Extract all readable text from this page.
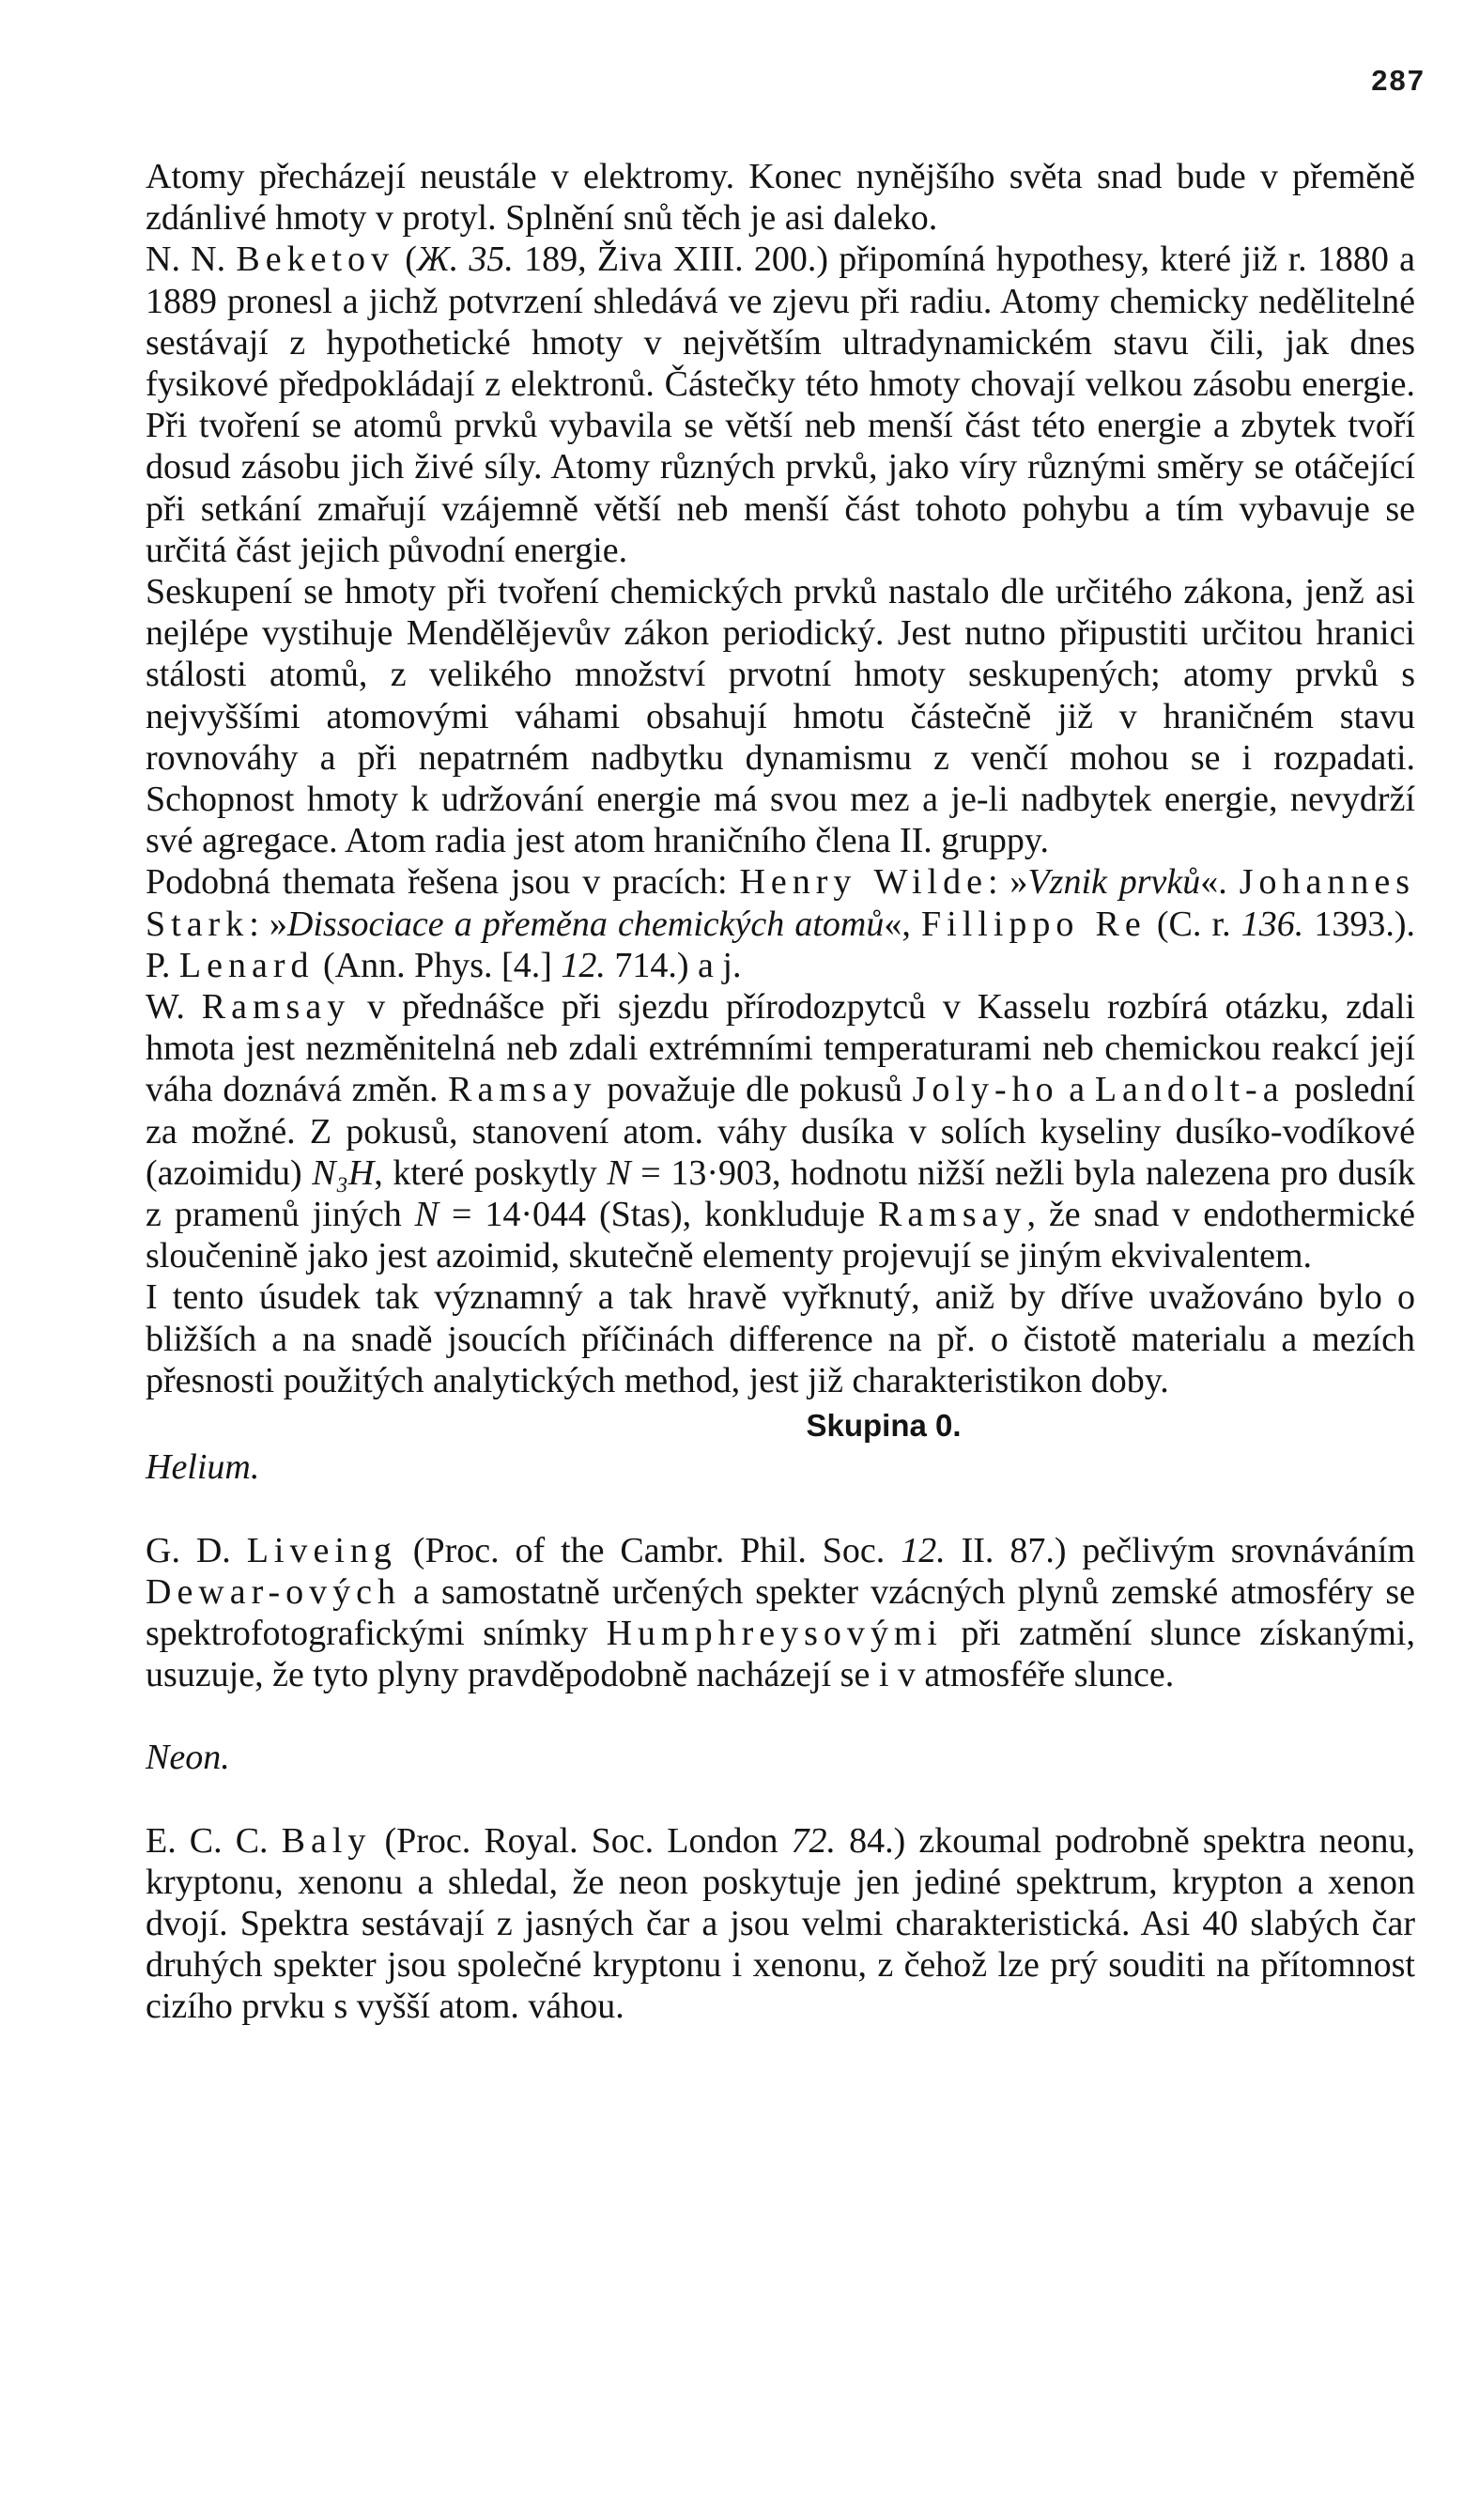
287

Atomy přecházejí neustále v elektromy. Konec nynějšího světa snad bude v přeměně zdánlivé hmoty v protyl. Splnění snů těch je asi daleko.

N. N. Beketov (Ж. 35. 189, Živa XIII. 200.) připomíná hypothesy, které již r. 1880 a 1889 pronesl a jichž potvrzení shledává ve zjevu při radiu. Atomy chemicky nedělitelné sestávají z hypothetické hmoty v největším ultradynamickém stavu čili, jak dnes fysikové předpokládají z elektronů. Částečky této hmoty chovají velkou zásobu energie. Při tvoření se atomů prvků vybavila se větší neb menší část této energie a zbytek tvoří dosud zásobu jich živé síly. Atomy různých prvků, jako víry různými směry se otáčející při setkání zmařují vzájemně větší neb menší část tohoto pohybu a tím vybavuje se určitá část jejich původní energie.

Seskupení se hmoty při tvoření chemických prvků nastalo dle určitého zákona, jenž asi nejlépe vystihuje Mendělějevův zákon periodický. Jest nutno připustiti určitou hranici stálosti atomů, z velikého množství prvotní hmoty seskupených; atomy prvků s nejvyššími atomovými váhami obsahují hmotu částečně již v hraničném stavu rovnováhy a při nepatrném nadbytku dynamismu z venčí mohou se i rozpadati. Schopnost hmoty k udržování energie má svou mez a je-li nadbytek energie, nevydrží své agregace. Atom radia jest atom hraničního člena II. gruppy.

Podobná themata řešena jsou v pracích: Henry Wilde: »Vznik prvků«. Johannes Stark: »Dissociace a přeměna chemických atomů«, Fillippo Re (C. r. 136. 1393.). P. Lenard (Ann. Phys. [4.] 12. 714.) a j.

W. Ramsay v přednášce při sjezdu přírodozpytců v Kasselu rozbírá otázku, zdali hmota jest nezměnitelná neb zdali extrémními temperaturami neb chemickou reakcí její váha doznává změn. Ramsay považuje dle pokusů Joly-ho a Landolt-a poslední za možné. Z pokusů, stanovení atom. váhy dusíka v solích kyseliny dusíko-vodíkové (azoimidu) N₃H, které poskytly N = 13·903, hodnotu nižší nežli byla nalezena pro dusík z pramenů jiných N = 14·044 (Stas), konkluduje Ramsay, že snad v endothermické sloučenině jako jest azoimid, skutečně elementy projevují se jiným ekvivalentem.

I tento úsudek tak významný a tak hravě vyřknutý, aniž by dříve uvažováno bylo o bližších a na snadě jsoucích příčinách difference na př. o čistotě materialu a mezích přesnosti použitých analytických method, jest již charakteristikon doby.

Skupina 0.
Helium.

G. D. Liveing (Proc. of the Cambr. Phil. Soc. 12. II. 87.) pečlivým srovnáváním Dewar-ových a samostatně určených spekter vzácných plynů zemské atmosféry se spektrofotografickými snímky Humphreysovými při zatmění slunce získanými, usuzuje, že tyto plyny pravděpodobně nacházejí se i v atmosféře slunce.

Neon.

E. C. C. Baly (Proc. Royal. Soc. London 72. 84.) zkoumal podrobně spektra neonu, kryptonu, xenonu a shledal, že neon poskytuje jen jediné spektrum, krypton a xenon dvojí. Spektra sestávají z jasných čar a jsou velmi charakteristická. Asi 40 slabých čar druhých spekter jsou společné kryptonu i xenonu, z čehož lze prý souditi na přítomnost cizího prvku s vyšší atom. váhou.
